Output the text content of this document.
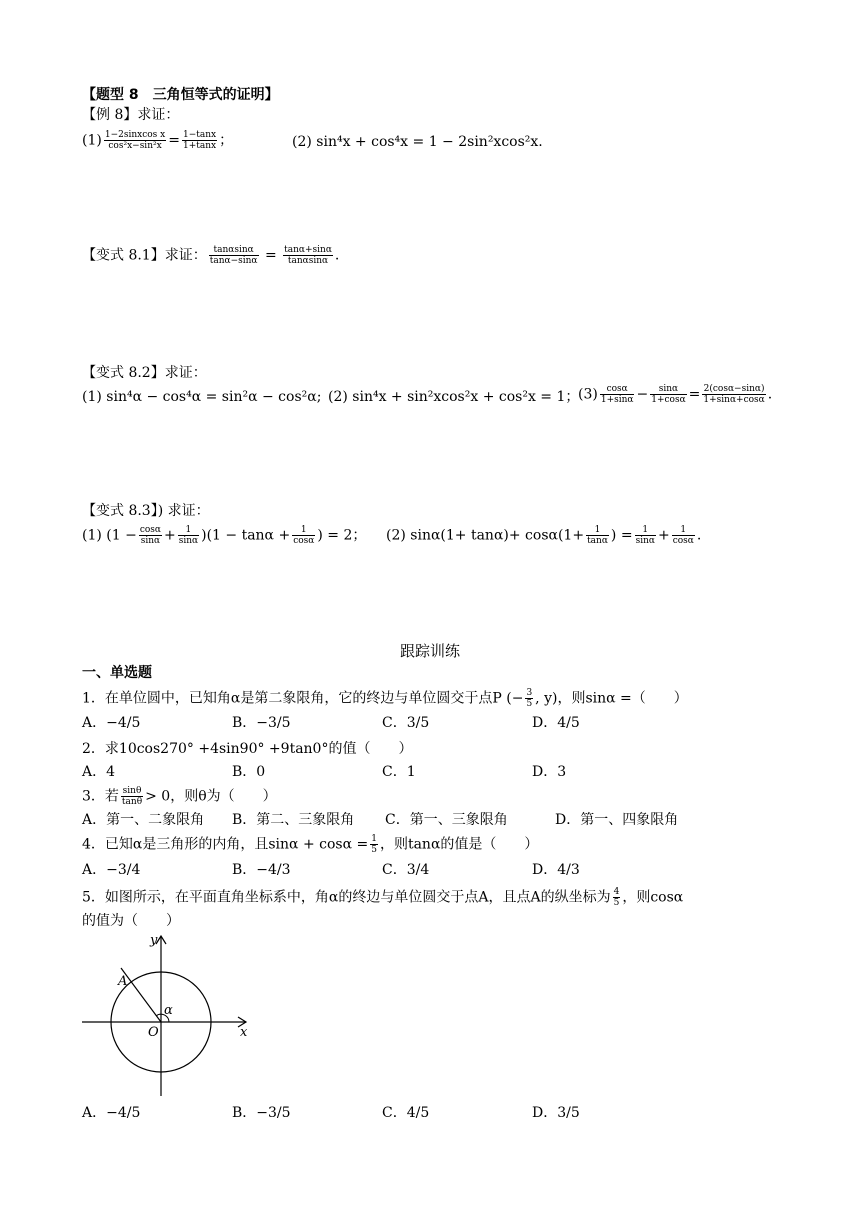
【题型 8　三角恒等式的证明】
【例 8】求证：
$(1) \frac{\text{1−2sinxcos x}}{\text{cos²x−sin²x}} = \frac{1-\tan x}{1+\tan x}$ ；	(2) sin⁴x + cos⁴x = 1 − 2sin²xcos²x.
【变式 8.1】求证： $\frac{\tan\alpha\sin\alpha}{\tan\alpha-\sin\alpha} = \frac{\tan\alpha+\sin\alpha}{\tan\alpha\sin\alpha}$ .
【变式 8.2】求证：
(1) sin⁴α − cos⁴α = sin²α − cos²α; (2) sin⁴x + sin²xcos²x + cos²x = 1；
$(3) \frac{\cos\alpha}{1+\sin\alpha} - \frac{\sin\alpha}{1+\cos\alpha} = \frac{2(\cos\alpha-\sin\alpha)}{1+\sin\alpha+\cos\alpha}$ .
【变式 8.3】) 求证：
(1) $(1 - \frac{\cos\alpha}{\sin\alpha} + \frac{1}{\sin\alpha} )(1 - \tan\alpha + \frac{1}{\cos\alpha}$ ) = 2； (2) $\sin\alpha(1+ \tan\alpha)+ \cos\alpha(1+ \frac{1}{\tan\alpha}$ ) = $\frac{1}{\sin\alpha} + \frac{1}{\cos\alpha}$ .
跟踪训练
一、单选题
1．在单位圆中，已知角α是第二象限角，它的终边与单位圆交于点P (− $\frac{3}{5}$ , y)，则sinα =（　　）
A．−4/5	B．−3/5	C．3/5	D．4/5
2．求10cos270° +4sin90° +9tan0°的值（　　）
A．4	B．0	C．1	D．3
3．若 $\frac{\sin\theta}{\tan\theta} > 0$，则θ为（　　）
A．第一、二象限角 B．第二、三象限角 C．第一、三象限角	D．第一、四象限角
4．已知α是三角形的内角，且$\sin\alpha + \cos\alpha = \frac{1}{5}$ ，则tanα的值是（　　）
A．−3/4	B．−4/3	C．3/4	D．4/3
5．如图所示，在平面直角坐标系中，角α的终边与单位圆交于点A，且点A的纵坐标为 $\frac{4}{5}$ ，则cosα
的值为（　　）
y
x
A
O
α
A．−4/5	B．−3/5	C．4/5	D．3/5
